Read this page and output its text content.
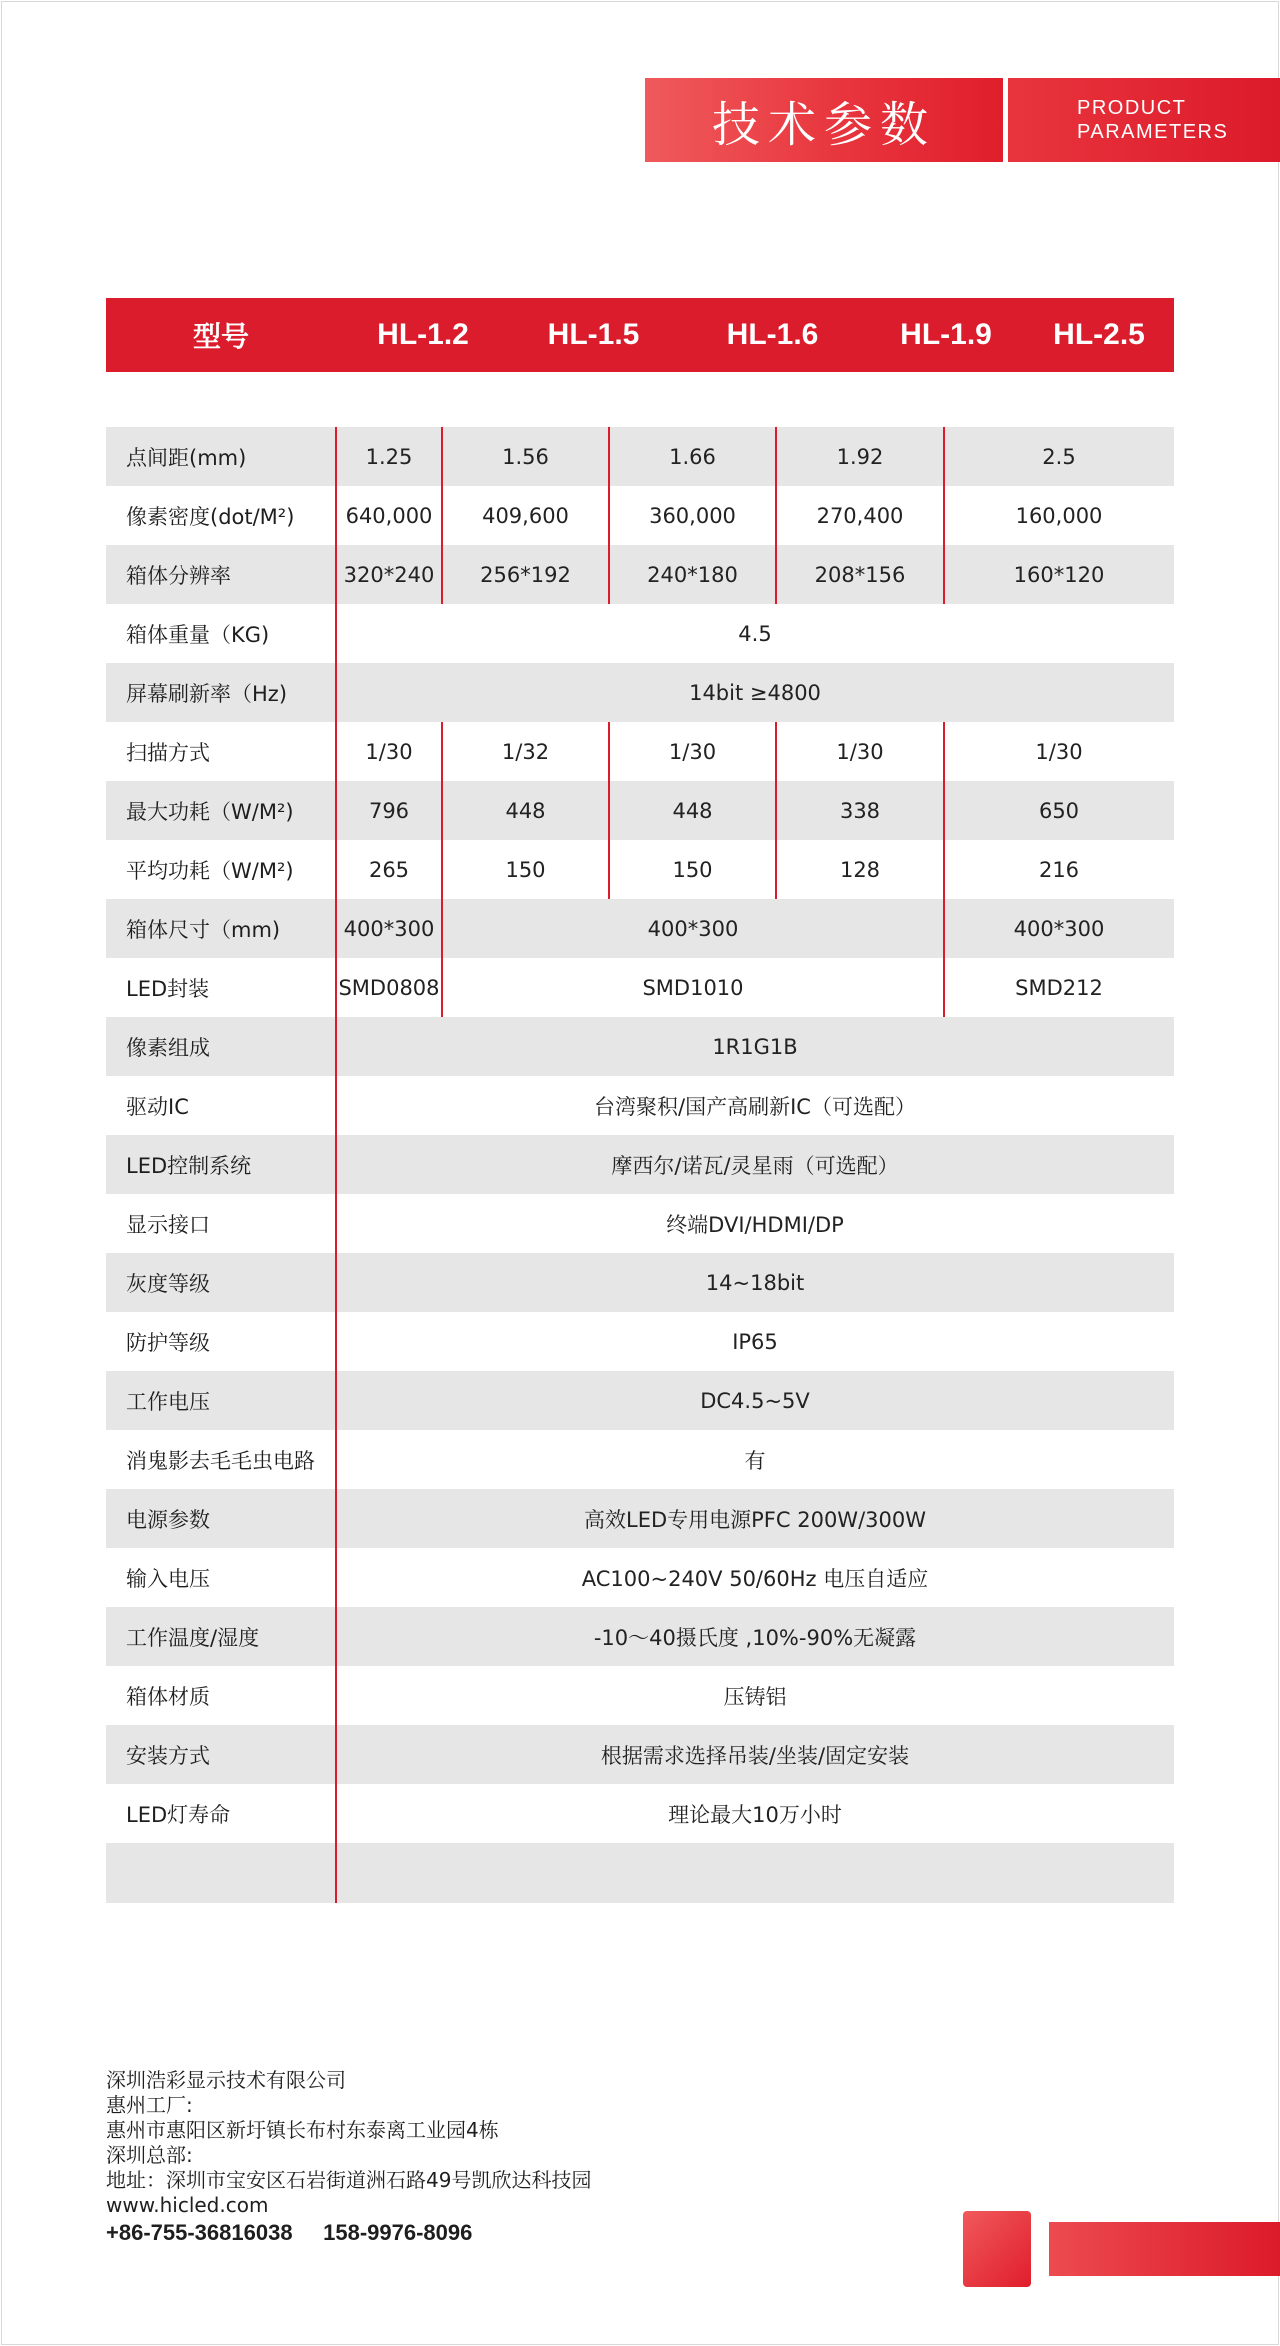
技术参数	PRODUCT
PARAMETERS
型号	HL-1.2	HL-1.5	HL-1.6	HL-1.9	HL-2.5
点间距(mm)	1.25	1.56	1.66	1.92	2.5
像素密度(dot/M²)	640,000	409,600	360,000	270,400	160,000
箱体分辨率	320*240	256*192	240*180	208*156	160*120
箱体重量（KG)	4.5
屏幕刷新率（Hz)	14bit ≥4800
扫描方式	1/30	1/32	1/30	1/30	1/30
最大功耗（W/M²)	796	448	448	338	650
平均功耗（W/M²)	265	150	150	128	216
箱体尺寸（mm)	400*300	400*300	400*300
LED封装	SMD0808	SMD1010	SMD212
像素组成	1R1G1B
驱动IC	台湾聚积/国产高刷新IC（可选配）
LED控制系统	摩西尔/诺瓦/灵星雨（可选配）
显示接口	终端DVI/HDMI/DP
灰度等级	14~18bit
防护等级	IP65
工作电压	DC4.5~5V
消鬼影去毛毛虫电路	有
电源参数	高效LED专用电源PFC 200W/300W
输入电压	AC100~240V 50/60Hz 电压自适应
工作温度/湿度	-10～40摄氏度 ,10%-90%无凝露
箱体材质	压铸铝
安装方式	根据需求选择吊装/坐装/固定安装
LED灯寿命	理论最大10万小时
深圳浩彩显示技术有限公司
惠州工厂:
惠州市惠阳区新圩镇长布村东泰离工业园4栋
深圳总部:
地址：深圳市宝安区石岩街道洲石路49号凯欣达科技园
www.hicled.com
+86-755-36816038     158-9976-8096
